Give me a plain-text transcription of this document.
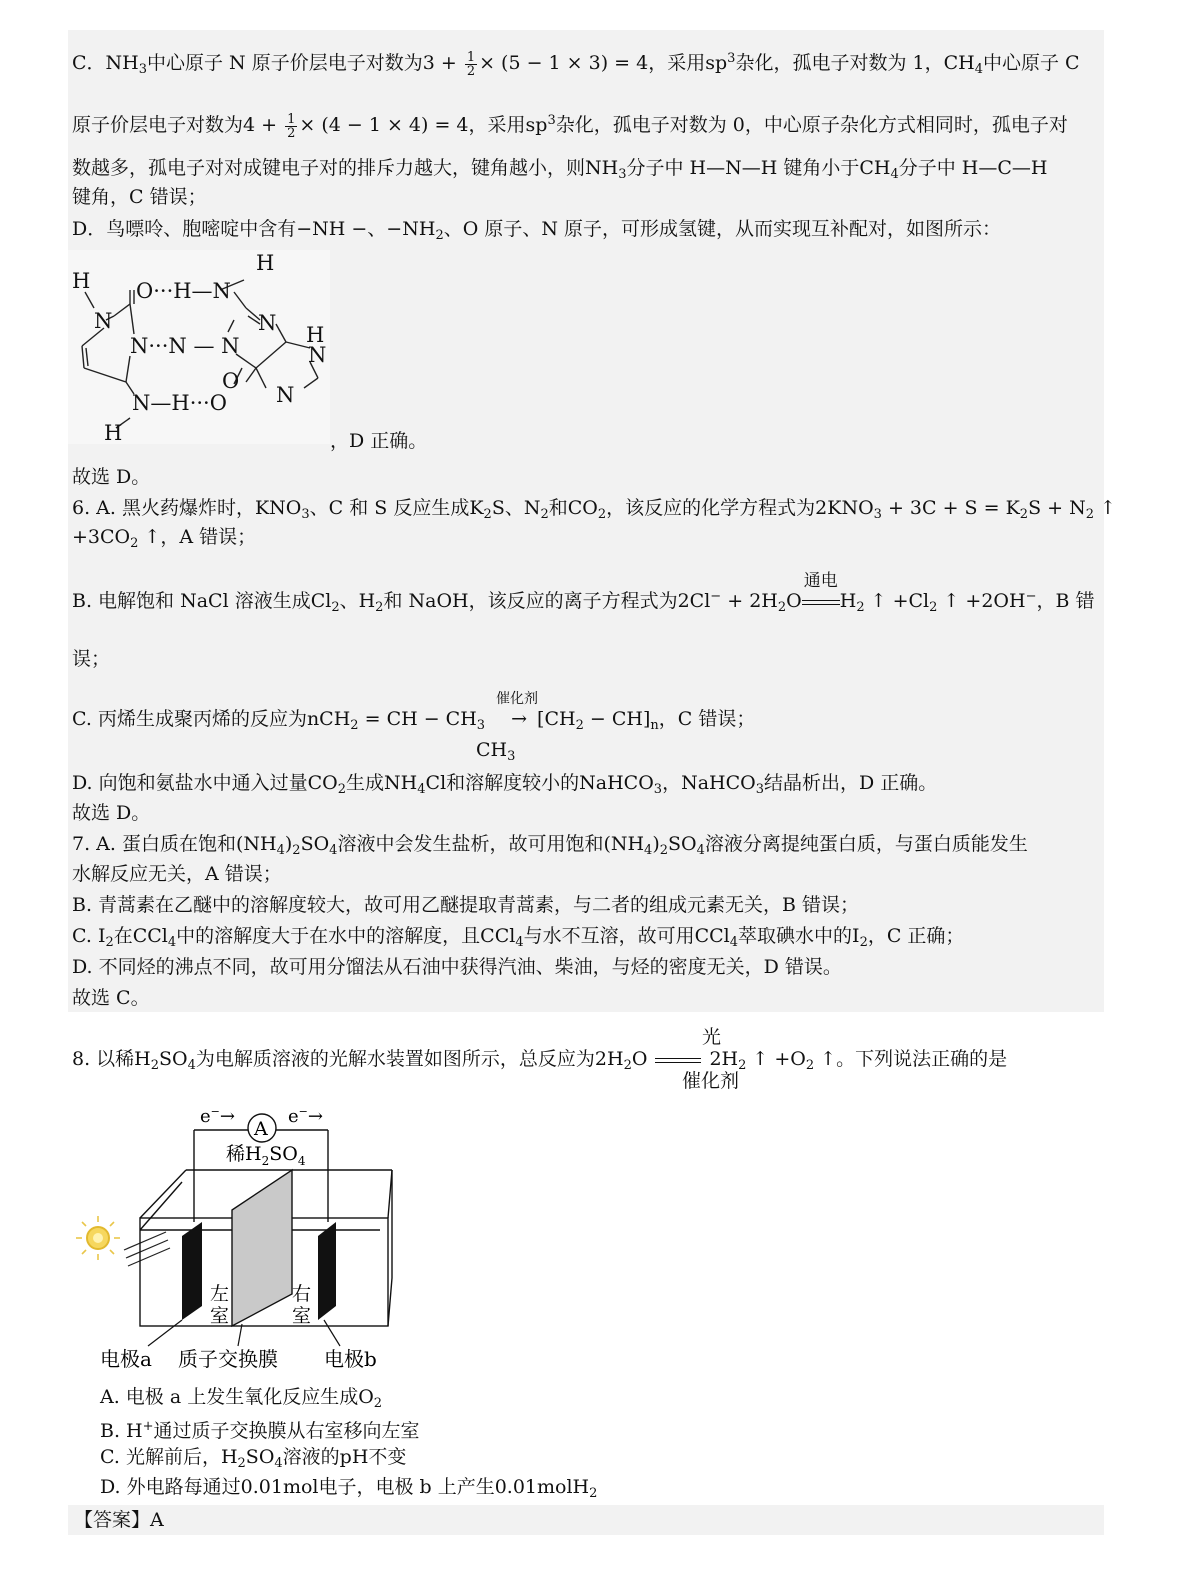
C．$NH_3$中心原子 N 原子价层电子对数为$3 + \frac{1}{2} \times (5 - 1 \times 3) = 4$，采用$sp^3$杂化，孤电子对数为 1，$CH_4$中心原子 C
原子价层电子对数为$4 + \frac{1}{2} \times (4 - 1 \times 4) = 4$，采用$sp^3$杂化，孤电子对数为 0，中心原子杂化方式相同时，孤电子对
数越多，孤电子对对成键电子对的排斥力越大，键角越小，则$NH_3$分子中 H—N—H 键角小于$CH_4$分子中 H—C—H
键角，C 错误；
D．鸟嘌呤、胞嘧啶中含有−NH −、$-NH_2$、O 原子、N 原子，可形成氢键，从而实现互补配对，如图所示：
H
N
O···H—N
H
N···N — N
N H
N
N
O
N—H···O
H	，D 正确。
故选 D。
6. A. 黑火药爆炸时，$KNO_3$、C 和 S 反应生成$K_2S$、$N_2$和$CO_2$，该反应的化学方程式为$2KNO_3 + 3C + S = K_2S + N_2$ ↑
$+3CO_2$ ↑，A 错误；
B. 电解饱和 NaCl 溶液生成$Cl_2$、$H_2$和 NaOH，该反应的离子方程式为$2Cl^- + 2H_2O$
通电
$H_2$ ↑ $+Cl_2$ ↑ +2OH−，B 错
误；
催化剂
C. 丙烯生成聚丙烯的反应为nCH$_2$ = CH − $CH_3 \to [CH_2 - CH]_n$，C 错误；
$CH_3$
D. 向饱和氨盐水中通入过量$CO_2$生成$NH_4Cl$和溶解度较小的NaHCO$_3$，NaHCO$_3$结晶析出，D 正确。
故选 D。
7. A. 蛋白质在饱和$(NH_4)_2SO_4$溶液中会发生盐析，故可用饱和$(NH_4)_2SO_4$溶液分离提纯蛋白质，与蛋白质能发生
水解反应无关，A 错误；
B. 青蒿素在乙醚中的溶解度较大，故可用乙醚提取青蒿素，与二者的组成元素无关，B 错误；
C. $I_2$在CCl$_4$中的溶解度大于在水中的溶解度，且CCl$_4$与水不互溶，故可用CCl$_4$萃取碘水中的$I_2$，C 正确；
D. 不同烃的沸点不同，故可用分馏法从石油中获得汽油、柴油，与烃的密度无关，D 错误。
故选 C。
光
8. 以稀$H_2SO_4$为电解质溶液的光解水装置如图所示，总反应为$2H_2O$	$2H_2$ ↑ $+O_2$ ↑。下列说法正确的是
催化剂
A
e−→	e−→
稀$H_2SO_4$
左
室
右
室
电极a 质子交换膜 电极b
A. 电极 a 上发生氧化反应生成$O_2$
B. H+通过质子交换膜从右室移向左室
C. 光解前后，$H_2SO_4$溶液的pH不变
D. 外电路每通过0.01mol电子，电极 b 上产生0.01molH$_2$
【答案】A
